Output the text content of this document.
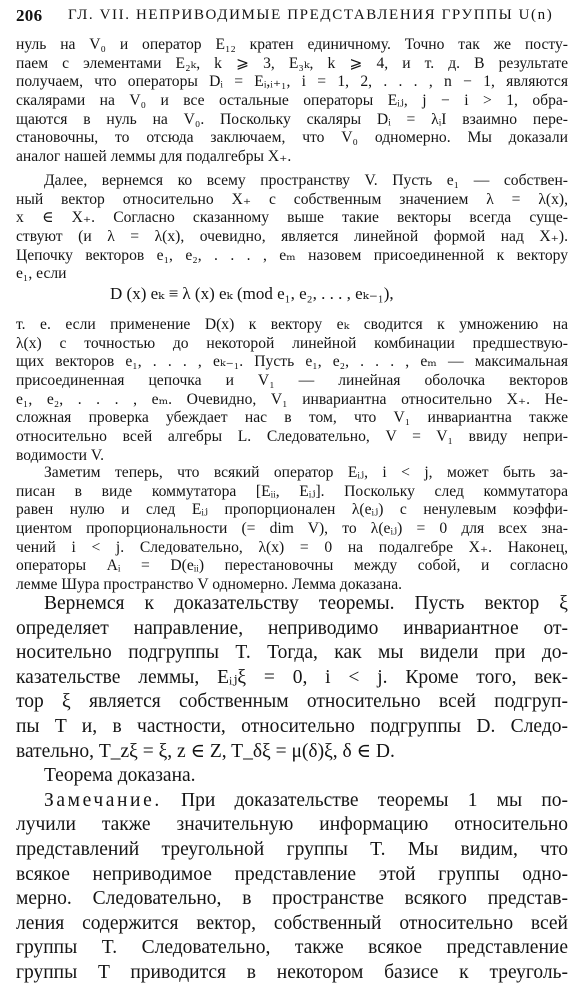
206 ГЛ. VII. НЕПРИВОДИМЫЕ ПРЕДСТАВЛЕНИЯ ГРУППЫ U(n)
нуль на V₀ и оператор E₁₂ кратен единичному. Точно так же посту-
паем с элементами E₂ₖ, k ⩾ 3, E₃ₖ, k ⩾ 4, и т. д. В результате
получаем, что операторы Dᵢ = Eᵢ,ᵢ₊₁, i = 1, 2, . . . , n − 1, являются
скалярами на V₀ и все остальные операторы Eᵢⱼ, j − i > 1, обра-
щаются в нуль на V₀. Поскольку скаляры Dᵢ = λᵢI взаимно пере-
становочны, то отсюда заключаем, что V₀ одномерно. Мы доказали
аналог нашей леммы для подалгебры X₊.
Далее, вернемся ко всему пространству V. Пусть e₁ — собствен-
ный вектор относительно X₊ с собственным значением λ = λ(x),
x ∈ X₊. Согласно сказанному выше такие векторы всегда суще-
ствуют (и λ = λ(x), очевидно, является линейной формой над X₊).
Цепочку векторов e₁, e₂, . . . , eₘ назовем присоединенной к вектору
e₁, если
D (x) eₖ ≡ λ (x) eₖ (mod e₁, e₂, . . . , eₖ₋₁),
т. е. если применение D(x) к вектору eₖ сводится к умножению на
λ(x) с точностью до некоторой линейной комбинации предшествую-
щих векторов e₁, . . . , eₖ₋₁. Пусть e₁, e₂, . . . , eₘ — максимальная
присоединенная цепочка и V₁ — линейная оболочка векторов
e₁, e₂, . . . , eₘ. Очевидно, V₁ инвариантна относительно X₊. Не-
сложная проверка убеждает нас в том, что V₁ инвариантна также
относительно всей алгебры L. Следовательно, V = V₁ ввиду непри-
водимости V.
Заметим теперь, что всякий оператор Eᵢⱼ, i < j, может быть за-
писан в виде коммутатора [Eᵢᵢ, Eᵢⱼ]. Поскольку след коммутатора
равен нулю и след Eᵢⱼ пропорционален λ(eᵢⱼ) с ненулевым коэффи-
циентом пропорциональности (= dim V), то λ(eᵢⱼ) = 0 для всех зна-
чений i < j. Следовательно, λ(x) = 0 на подалгебре X₊. Наконец,
операторы Aᵢ = D(eᵢᵢ) перестановочны между собой, и согласно
лемме Шура пространство V одномерно. Лемма доказана.
Вернемся к доказательству теоремы. Пусть вектор ξ
определяет направление, неприводимо инвариантное от-
носительно подгруппы T. Тогда, как мы видели при до-
казательстве леммы, Eᵢⱼξ = 0, i < j. Кроме того, век-
тор ξ является собственным относительно всей подгруп-
пы T и, в частности, относительно подгруппы D. Следо-
вательно, T_zξ = ξ, z ∈ Z, T_δξ = μ(δ)ξ, δ ∈ D.
Теорема доказана.
Замечание. При доказательстве теоремы 1 мы по-
лучили также значительную информацию относительно
представлений треугольной группы T. Мы видим, что
всякое неприводимое представление этой группы одно-
мерно. Следовательно, в пространстве всякого представ-
ления содержится вектор, собственный относительно всей
группы T. Следовательно, также всякое представление
группы T приводится в некотором базисе к треуголь-
